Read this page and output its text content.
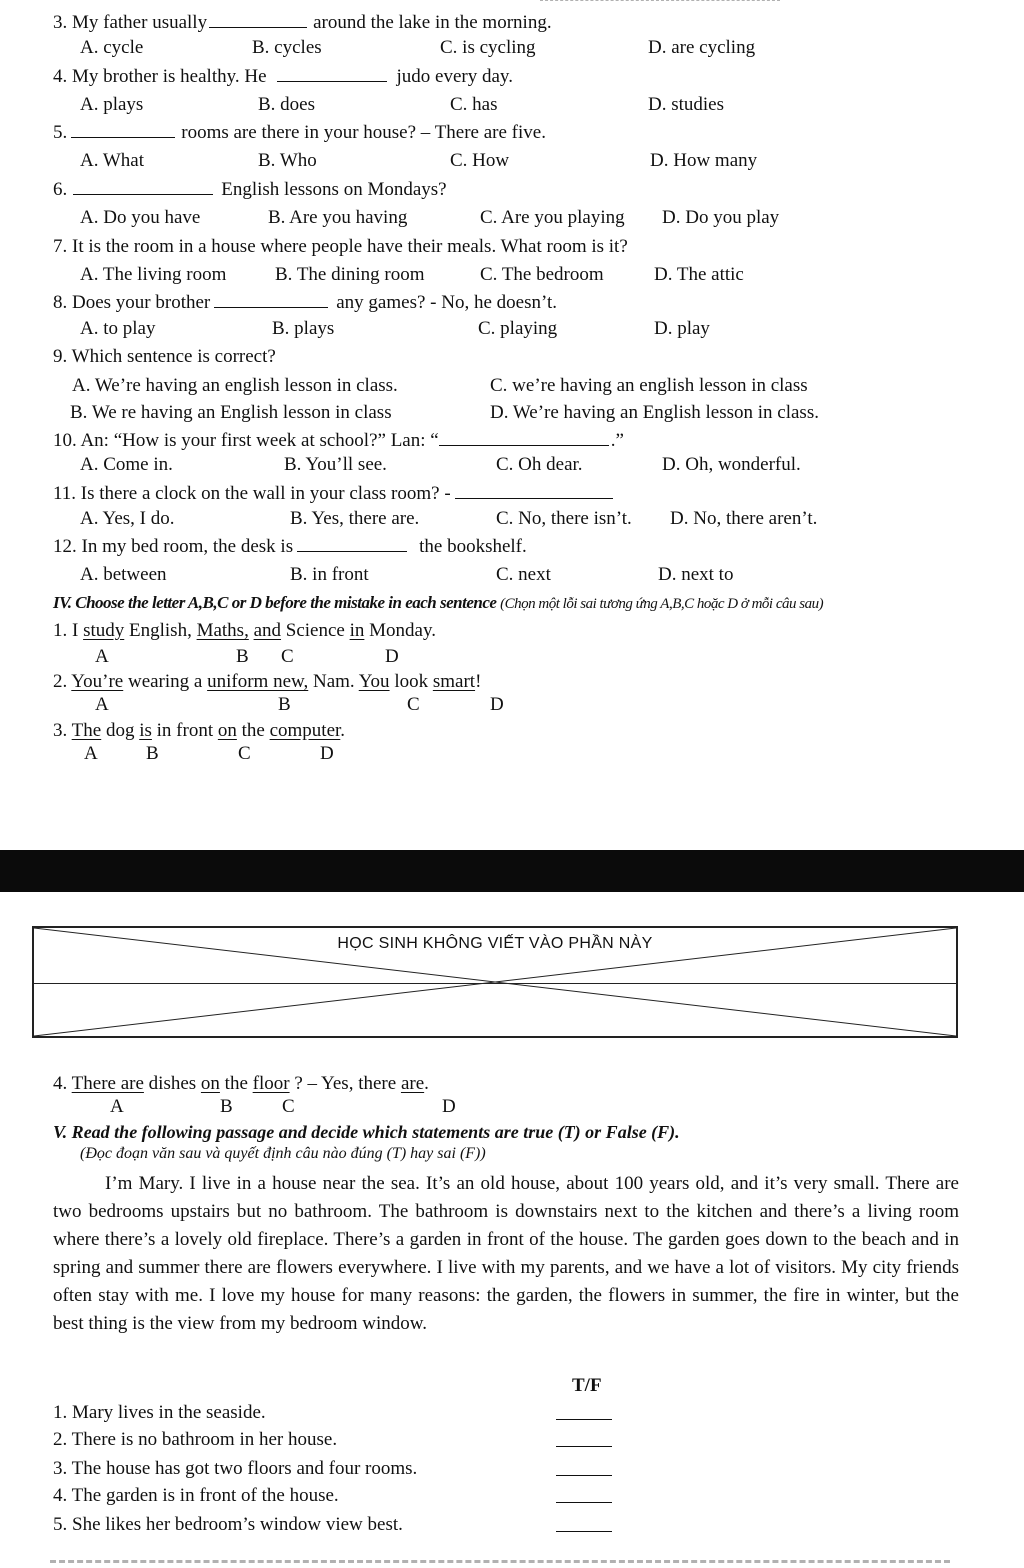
3. My father usually	around the lake in the morning.
A. cycle	B. cycles	C. is cycling	D. are cycling
4. My brother is healthy. He	judo every day.
A. plays	B. does	C. has	D. studies
5.	rooms are there in your house? – There are five.
A. What	B. Who	C. How	D. How many
6.	English lessons on Mondays?
A. Do you have	B. Are you having	C. Are you playing D. Do you play
7. It is the room in a house where people have their meals. What room is it?
A. The living room	B. The dining room	C. The bedroom	D. The attic
8. Does your brother	any games? - No, he doesn’t.
A. to play	B. plays	C. playing	D. play
9. Which sentence is correct?
A. We’re having an english lesson in class.	C. we’re having an english lesson in class
B. We re having an English lesson in class	D. We’re having an English lesson in class.
10. An: “How is your first week at school?” Lan: “	.”
A. Come in.	B. You’ll see.	C. Oh dear.	D. Oh, wonderful.
11. Is there a clock on the wall in your class room? -
A. Yes, I do.	B. Yes, there are.	C. No, there isn’t. D. No, there aren’t.
12. In my bed room, the desk is	the bookshelf.
A. between	B. in front	C. next	D. next to
IV. Choose the letter A,B,C or D before the mistake in each sentence (Chọn một lỗi sai tương ứng A,B,C hoặc D ở mỗi câu sau)
1. I study English, Maths, and Science in Monday.
A	B C	D
2. You’re wearing a uniform new, Nam. You look smart!
A	B	C	D
3. The dog is in front on the computer.
A	B	C	D
HỌC SINH KHÔNG VIẾT VÀO PHẦN NÀY
4. There are dishes on the floor ? – Yes, there are.
A	B	C	D
V. Read the following passage and decide which statements are true (T) or False (F).
(Đọc đoạn văn sau và quyết định câu nào đúng (T) hay sai (F))

I’m Mary. I live in a house near the sea. It’s an old house, about 100 years old, and it’s very small. There are two bedrooms upstairs but no bathroom. The bathroom is downstairs next to the kitchen and there’s a living room where there’s a lovely old fireplace. There’s a garden in front of the house. The garden goes down to the beach and in spring and summer there are flowers everywhere. I live with my parents, and we have a lot of visitors. My city friends often stay with me. I love my house for many reasons: the garden, the flowers in summer, the fire in winter, but the best thing is the view from my bedroom window.

T/F
1. Mary lives in the seaside.
2. There is no bathroom in her house.
3. The house has got two floors and four rooms.
4. The garden is in front of the house.
5. She likes her bedroom’s window view best.
